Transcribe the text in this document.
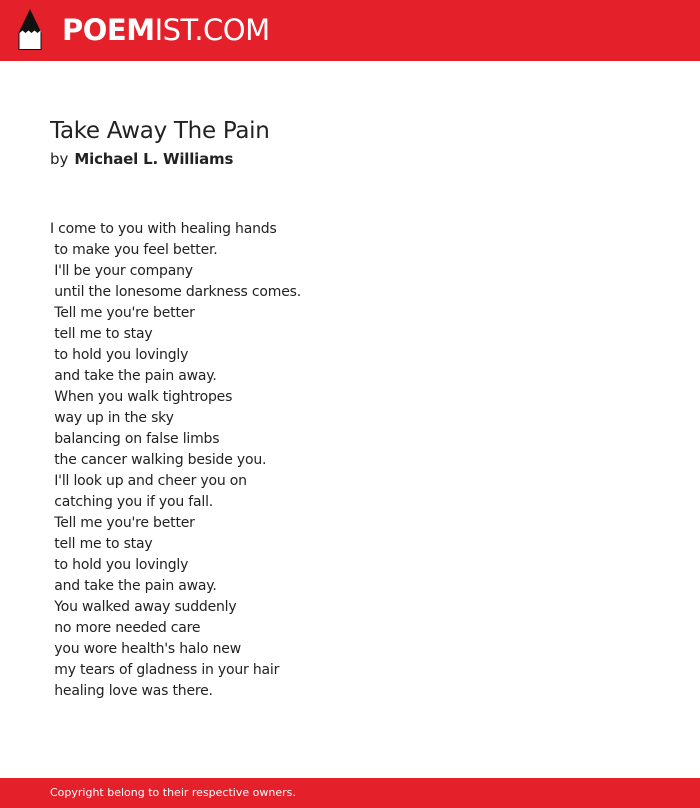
POEMIST.COM
Take Away The Pain
by Michael L. Williams
I come to you with healing hands
to make you feel better.
I'll be your company
until the lonesome darkness comes.
Tell me you're better
tell me to stay
to hold you lovingly
and take the pain away.
When you walk tightropes
way up in the sky
balancing on false limbs
the cancer walking beside you.
I'll look up and cheer you on
catching you if you fall.
Tell me you're better
tell me to stay
to hold you lovingly
and take the pain away.
You walked away suddenly
no more needed care
you wore health's halo new
my tears of gladness in your hair
healing love was there.
Copyright belong to their respective owners.
